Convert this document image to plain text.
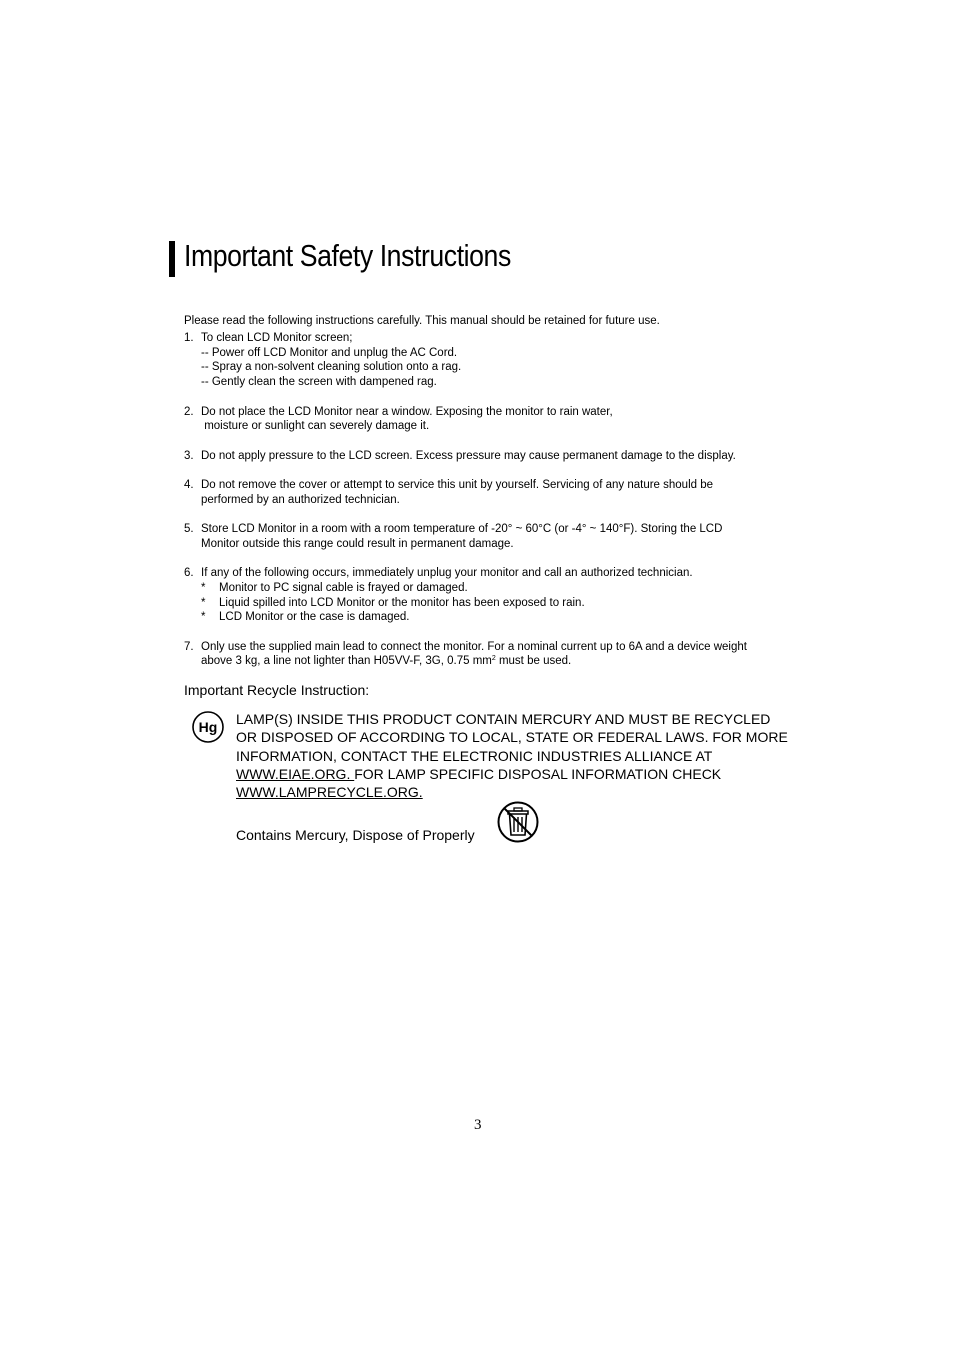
Important Safety Instructions
Please read the following instructions carefully. This manual should be retained for future use.
1. To clean LCD Monitor screen;
-- Power off LCD Monitor and unplug the AC Cord.
-- Spray a non-solvent cleaning solution onto a rag.
-- Gently clean the screen with dampened rag.
2. Do not place the LCD Monitor near a window. Exposing the monitor to rain water,
moisture or sunlight can severely damage it.
3. Do not apply pressure to the LCD screen. Excess pressure may cause permanent damage to the display.
4. Do not remove the cover or attempt to service this unit by yourself. Servicing of any nature should be
performed by an authorized technician.
5. Store LCD Monitor in a room with a room temperature of -20° ~ 60°C (or -4° ~ 140°F). Storing the LCD
Monitor outside this range could result in permanent damage.
6. If any of the following occurs, immediately unplug your monitor and call an authorized technician.
* Monitor to PC signal cable is frayed or damaged.
* Liquid spilled into LCD Monitor or the monitor has been exposed to rain.
* LCD Monitor or the case is damaged.
7. Only use the supplied main lead to connect the monitor. For a nominal current up to 6A and a device weight
above 3 kg, a line not lighter than H05VV-F, 3G, 0.75 $mm^2$ must be used.
Important Recycle Instruction:
Hg LAMP(S) INSIDE THIS PRODUCT CONTAIN MERCURY AND MUST BE RECYCLED
OR DISPOSED OF ACCORDING TO LOCAL, STATE OR FEDERAL LAWS. FOR MORE
INFORMATION, CONTACT THE ELECTRONIC INDUSTRIES ALLIANCE AT
WWW.EIAE.ORG. FOR LAMP SPECIFIC DISPOSAL INFORMATION CHECK
WWW.LAMPRECYCLE.ORG.
Contains Mercury, Dispose of Properly
3
